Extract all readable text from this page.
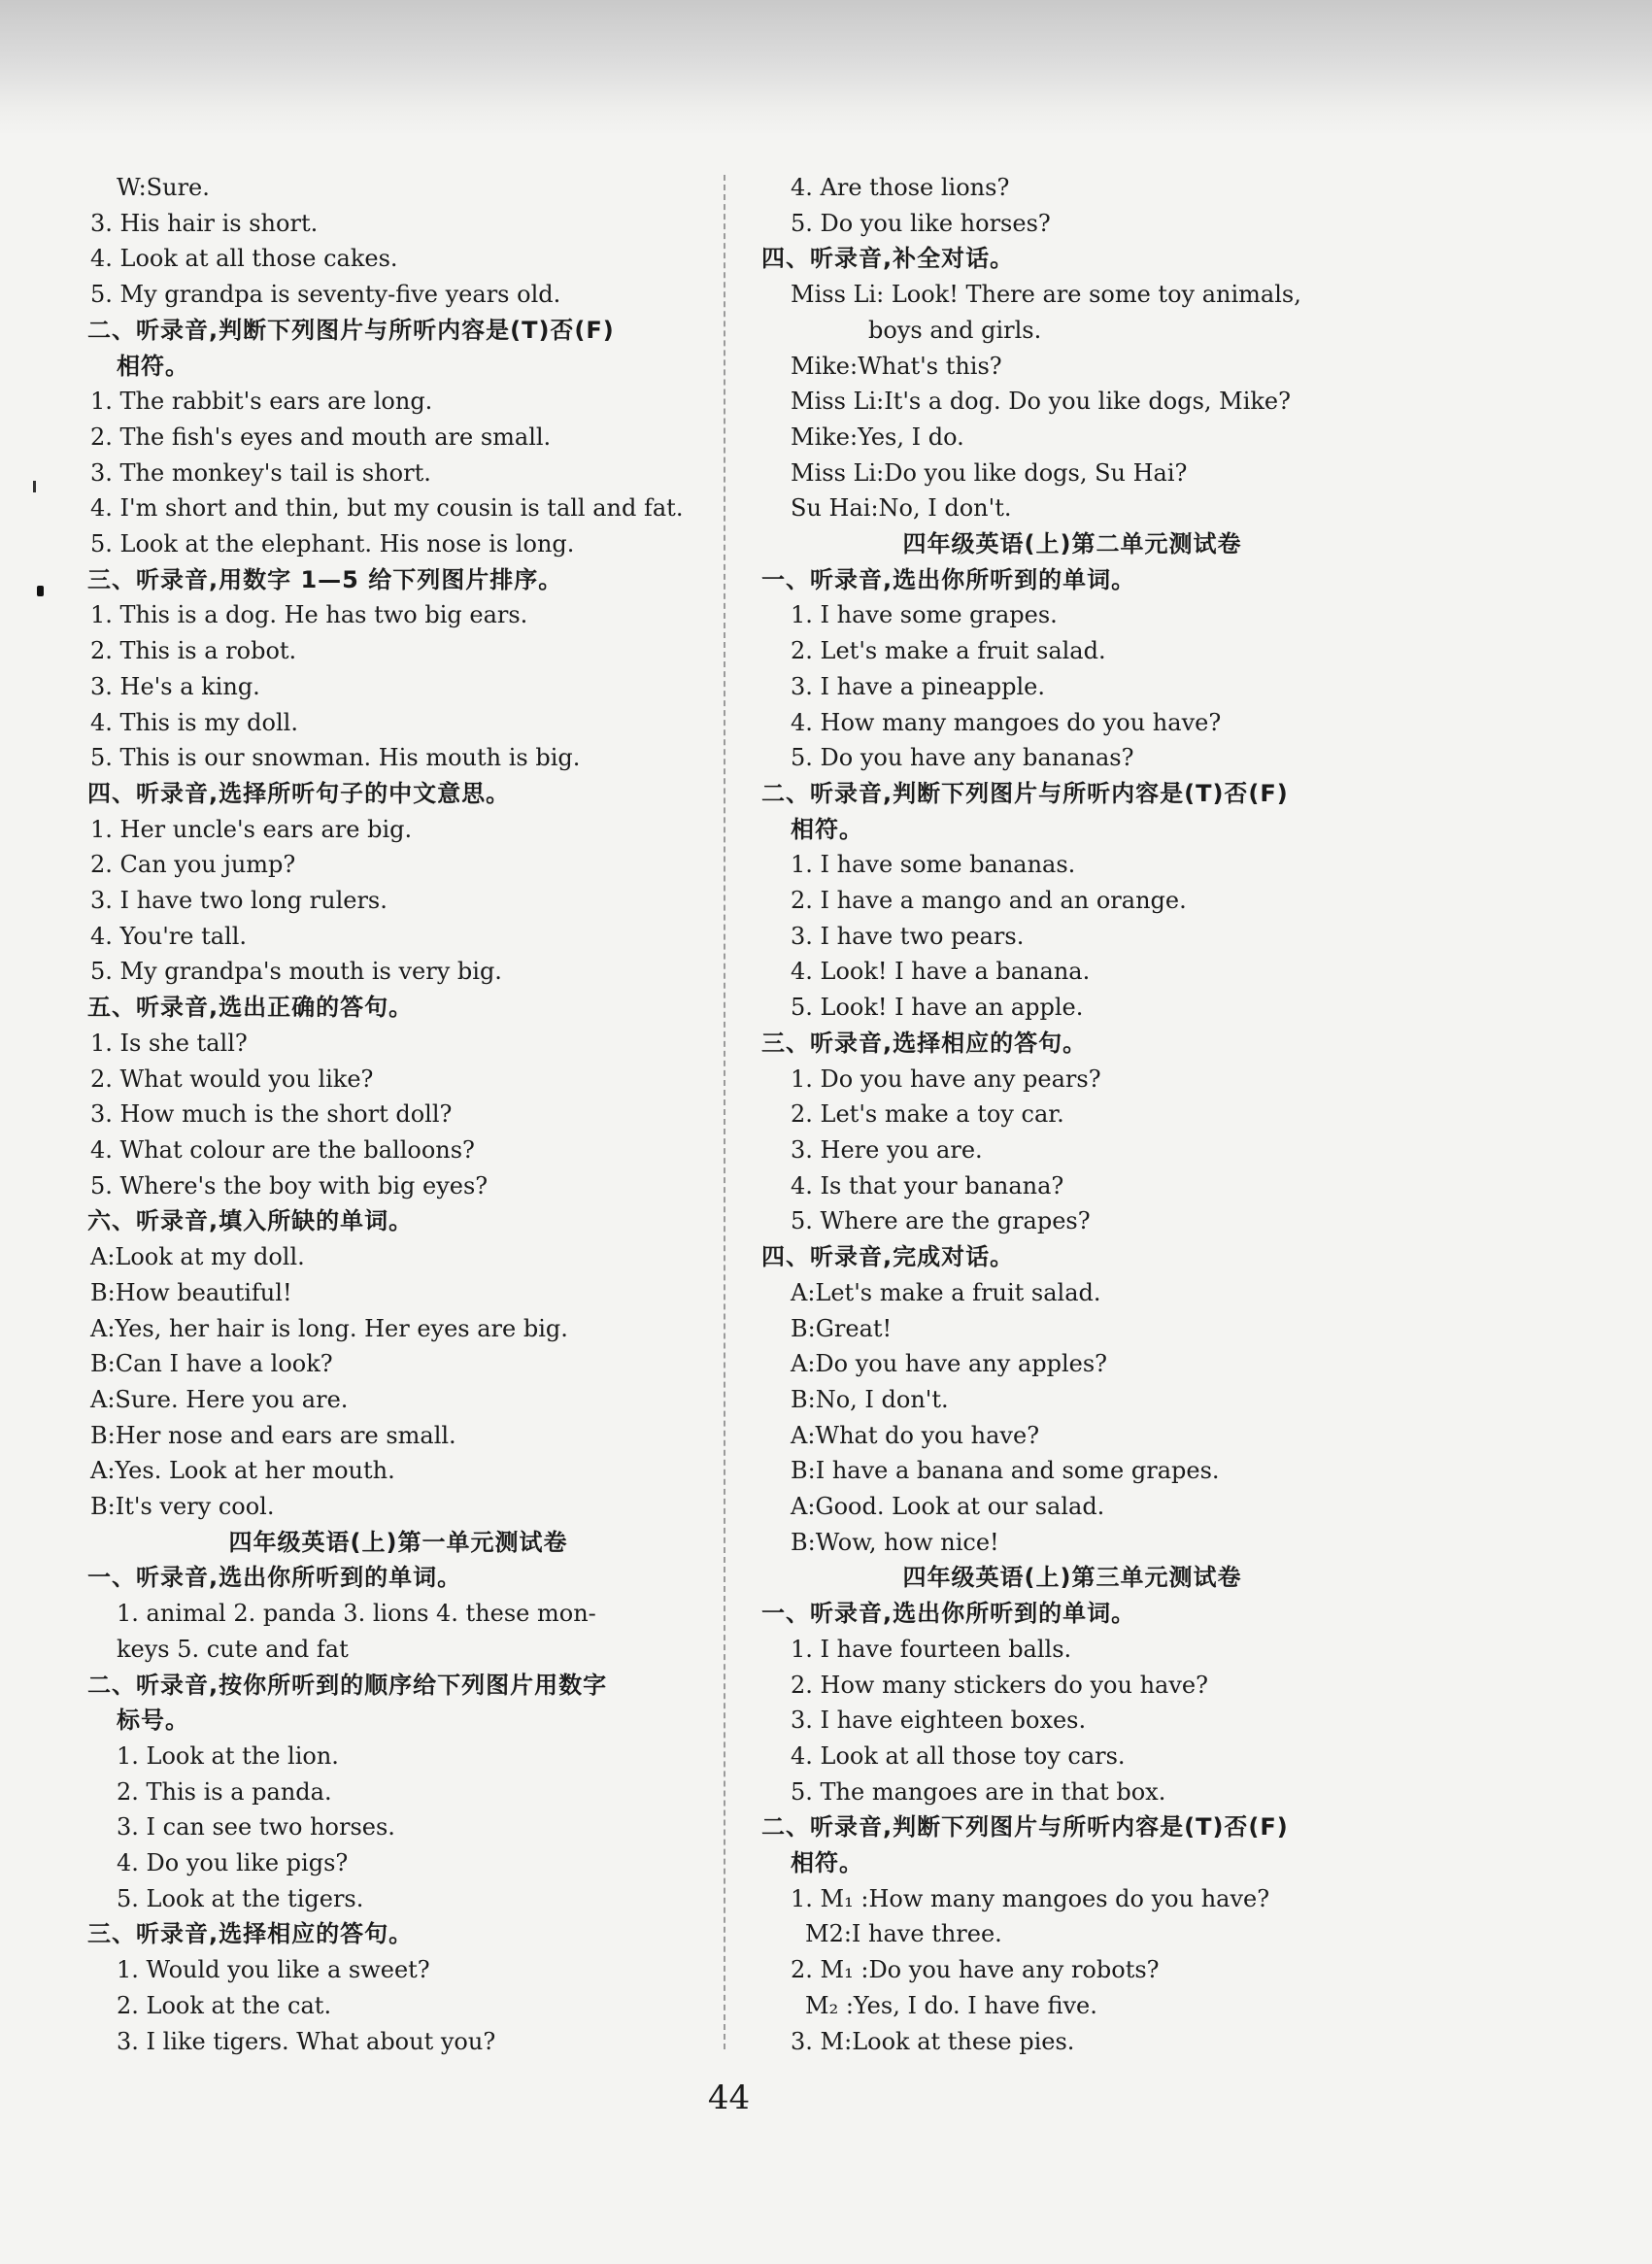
W:Sure.
3. His hair is short.
4. Look at all those cakes.
5. My grandpa is seventy-five years old.
二、听录音,判断下列图片与所听内容是(T)否(F)
相符。
1. The rabbit's ears are long.
2. The fish's eyes and mouth are small.
3. The monkey's tail is short.
4. I'm short and thin, but my cousin is tall and fat.
5. Look at the elephant. His nose is long.
三、听录音,用数字 1—5 给下列图片排序。
1. This is a dog. He has two big ears.
2. This is a robot.
3. He's a king.
4. This is my doll.
5. This is our snowman. His mouth is big.
四、听录音,选择所听句子的中文意思。
1. Her uncle's ears are big.
2. Can you jump?
3. I have two long rulers.
4. You're tall.
5. My grandpa's mouth is very big.
五、听录音,选出正确的答句。
1. Is she tall?
2. What would you like?
3. How much is the short doll?
4. What colour are the balloons?
5. Where's the boy with big eyes?
六、听录音,填入所缺的单词。
A:Look at my doll.
B:How beautiful!
A:Yes, her hair is long. Her eyes are big.
B:Can I have a look?
A:Sure. Here you are.
B:Her nose and ears are small.
A:Yes. Look at her mouth.
B:It's very cool.
四年级英语(上)第一单元测试卷
一、听录音,选出你所听到的单词。
1. animal 2. panda 3. lions 4. these mon-
keys 5. cute and fat
二、听录音,按你所听到的顺序给下列图片用数字
标号。
1. Look at the lion.
2. This is a panda.
3. I can see two horses.
4. Do you like pigs?
5. Look at the tigers.
三、听录音,选择相应的答句。
1. Would you like a sweet?
2. Look at the cat.
3. I like tigers. What about you?
4. Are those lions?
5. Do you like horses?
四、听录音,补全对话。
Miss Li: Look! There are some toy animals,
boys and girls.
Mike:What's this?
Miss Li:It's a dog. Do you like dogs, Mike?
Mike:Yes, I do.
Miss Li:Do you like dogs, Su Hai?
Su Hai:No, I don't.
四年级英语(上)第二单元测试卷
一、听录音,选出你所听到的单词。
1. I have some grapes.
2. Let's make a fruit salad.
3. I have a pineapple.
4. How many mangoes do you have?
5. Do you have any bananas?
二、听录音,判断下列图片与所听内容是(T)否(F)
相符。
1. I have some bananas.
2. I have a mango and an orange.
3. I have two pears.
4. Look! I have a banana.
5. Look! I have an apple.
三、听录音,选择相应的答句。
1. Do you have any pears?
2. Let's make a toy car.
3. Here you are.
4. Is that your banana?
5. Where are the grapes?
四、听录音,完成对话。
A:Let's make a fruit salad.
B:Great!
A:Do you have any apples?
B:No, I don't.
A:What do you have?
B:I have a banana and some grapes.
A:Good. Look at our salad.
B:Wow, how nice!
四年级英语(上)第三单元测试卷
一、听录音,选出你所听到的单词。
1. I have fourteen balls.
2. How many stickers do you have?
3. I have eighteen boxes.
4. Look at all those toy cars.
5. The mangoes are in that box.
二、听录音,判断下列图片与所听内容是(T)否(F)
相符。
1. M₁ :How many mangoes do you have?
M2:I have three.
2. M₁ :Do you have any robots?
M₂ :Yes, I do. I have five.
3. M:Look at these pies.
44
